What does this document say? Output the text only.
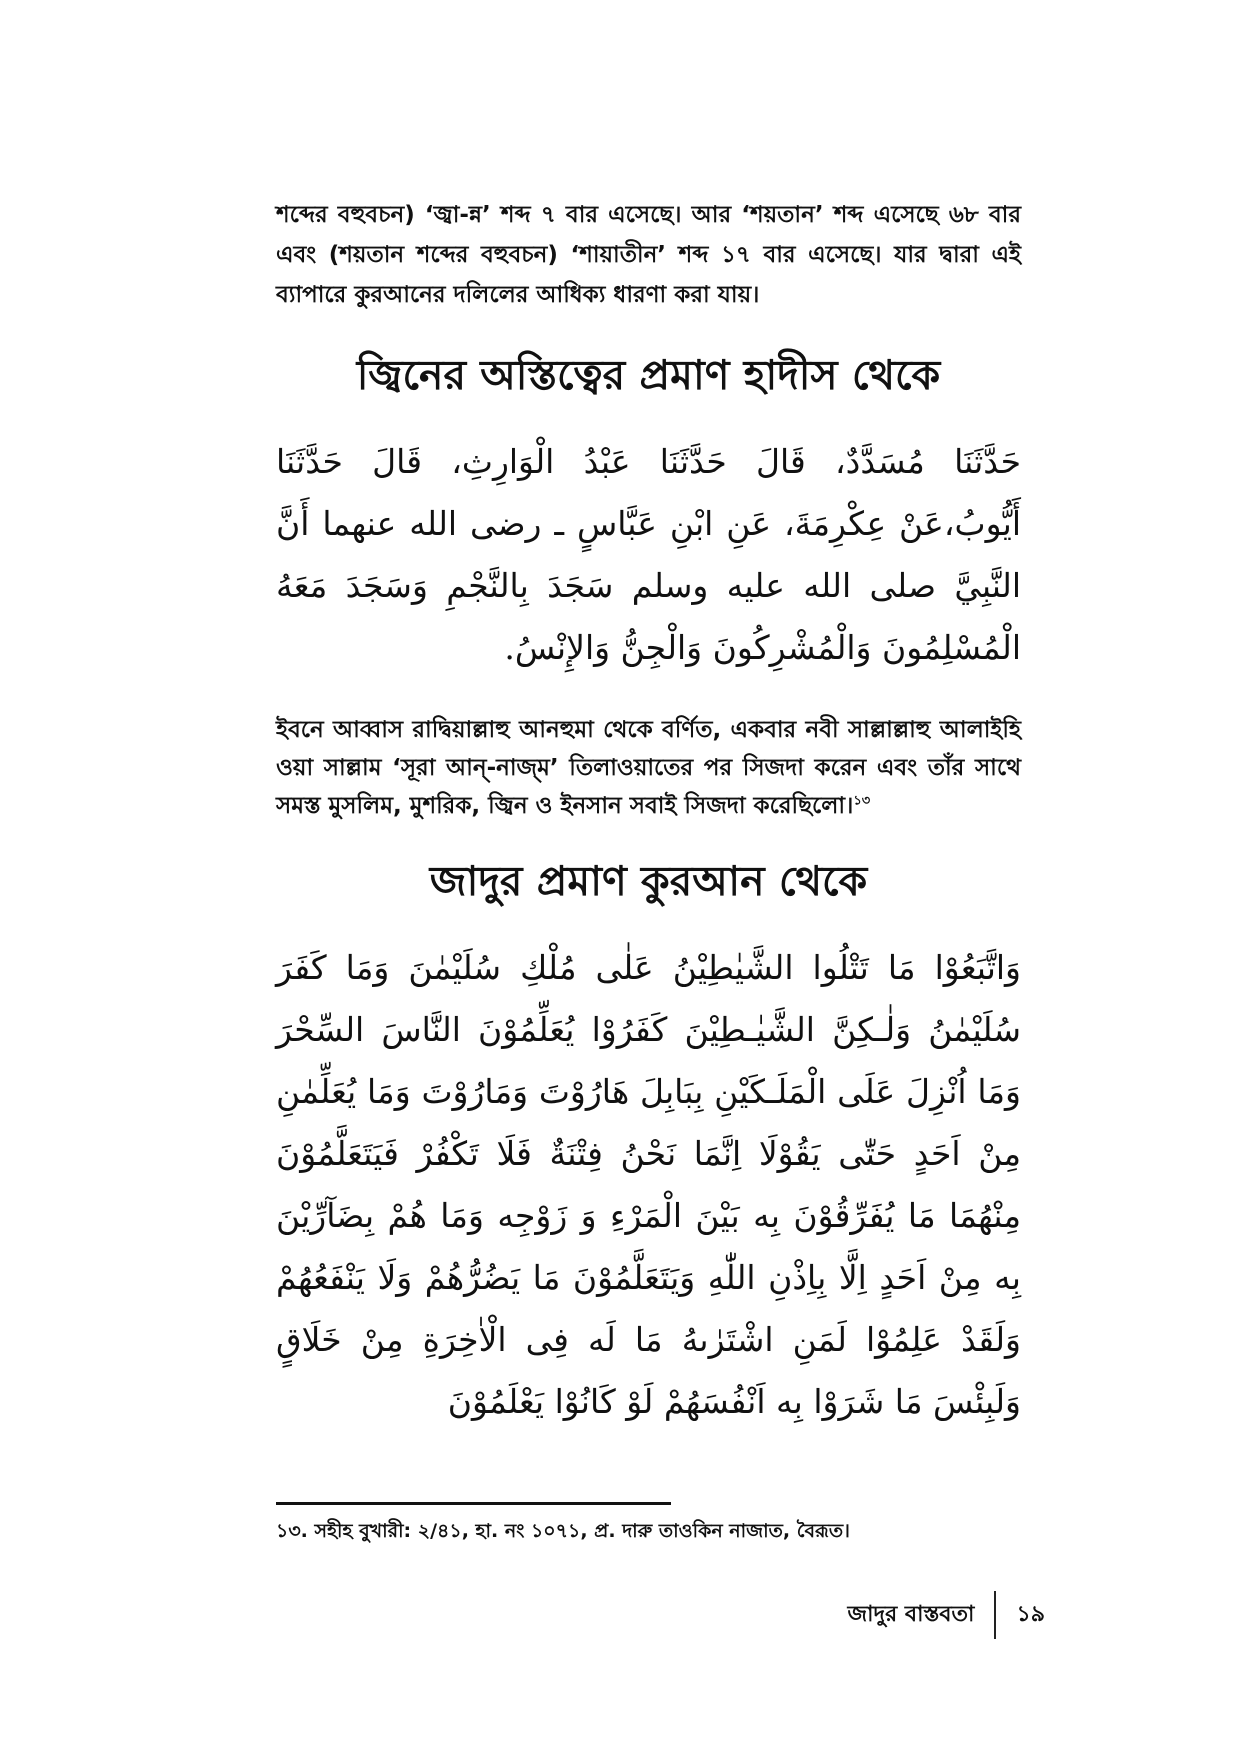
শব্দের বহুবচন) ‘জ্বা-ন্ন’ শব্দ ৭ বার এসেছে। আর ‘শয়তান’ শব্দ এসেছে ৬৮ বার এবং (শয়তান শব্দের বহুবচন) ‘শায়াতীন’ শব্দ ১৭ বার এসেছে। যার দ্বারা এই ব্যাপারে কুরআনের দলিলের আধিক্য ধারণা করা যায়।

জ্বিনের অস্তিত্বের প্রমাণ হাদীস থেকে

حَدَّثَنَا مُسَدَّدٌ، قَالَ حَدَّثَنَا عَبْدُ الْوَارِثِ، قَالَ حَدَّثَنَا أَيُّوبُ،عَنْ عِكْرِمَةَ، عَنِ ابْنِ عَبَّاسٍ ـ رضى الله عنهما أَنَّ النَّبِيَّ صلى الله عليه وسلم سَجَدَ بِالنَّجْمِ وَسَجَدَ مَعَهُ الْمُسْلِمُونَ وَالْمُشْرِكُونَ وَالْجِنُّ وَالإِنْسُ.

ইবনে আব্বাস রাদ্বিয়াল্লাহু আনহুমা থেকে বর্ণিত, একবার নবী সাল্লাল্লাহু আলাইহি ওয়া সাল্লাম ‘সূরা আন্-নাজ্‌ম’ তিলাওয়াতের পর সিজদা করেন এবং তাঁর সাথে সমস্ত মুসলিম, মুশরিক, জ্বিন ও ইনসান সবাই সিজদা করেছিলো।$^{১৩}$

জাদুর প্রমাণ কুরআন থেকে

وَاتَّبَعُوْا مَا تَتْلُوا الشَّيٰطِيْنُ عَلٰى مُلْكِ سُلَيْمٰنَ وَمَا كَفَرَ سُلَيْمٰنُ وَلٰـكِنَّ الشَّيٰـطِيْنَ كَفَرُوْا يُعَلِّمُوْنَ النَّاسَ السِّحْرَ وَمَا اُنْزِلَ عَلَى الْمَلَـكَيْنِ بِبَابِلَ هَارُوْتَ وَمَارُوْتَ وَمَا يُعَلِّمٰنِ مِنْ اَحَدٍ حَتّٰى يَقُوْلَا اِنَّمَا نَحْنُ فِتْنَةٌ فَلَا تَكْفُرْ فَيَتَعَلَّمُوْنَ مِنْهُمَا مَا يُفَرِّقُوْنَ بِه بَيْنَ الْمَرْءِ وَ زَوْجِه وَمَا هُمْ بِضَآرِّيْنَ بِه مِنْ اَحَدٍ اِلَّا بِاِذْنِ اللّٰهِ وَيَتَعَلَّمُوْنَ مَا يَضُرُّهُمْ وَلَا يَنْفَعُهُمْ وَلَقَدْ عَلِمُوْا لَمَنِ اشْتَرٰىهُ مَا لَه فِى الْاٰخِرَةِ مِنْ خَلَاقٍ وَلَبِئْسَ مَا شَرَوْا بِه اَنْفُسَهُمْ لَوْ كَانُوْا يَعْلَمُوْنَ

১৩. সহীহ বুখারী: ২/৪১, হা. নং ১০৭১, প্র. দারু তাওকিন নাজাত, বৈরূত।
জাদুর বাস্তবতা ১৯
